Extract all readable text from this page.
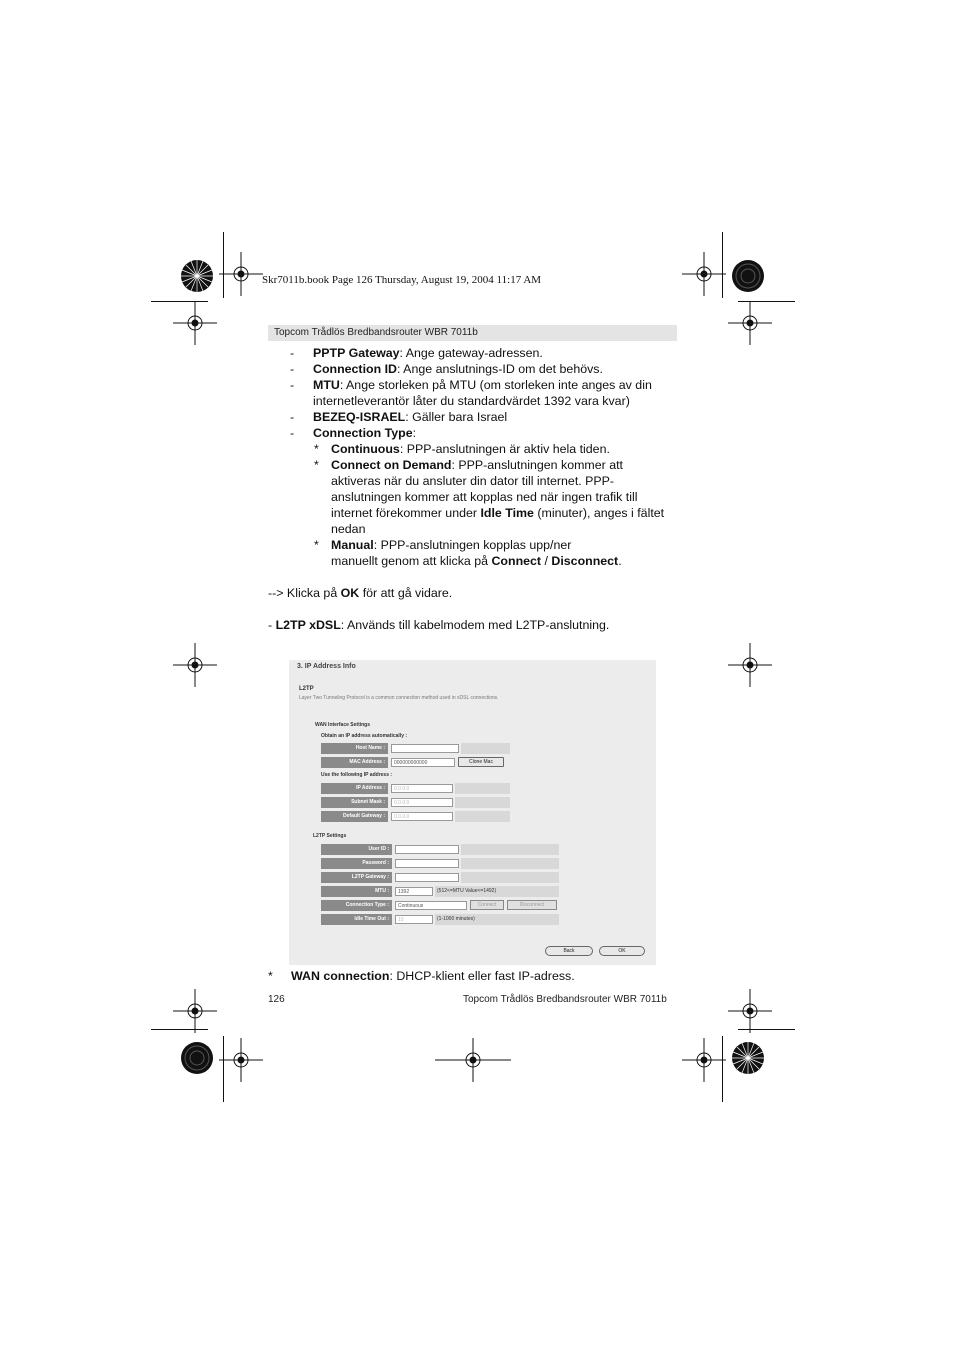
Skr7011b.book Page 126 Thursday, August 19, 2004 11:17 AM
Topcom Trådlös Bredbandsrouter WBR 7011b
- PPTP Gateway: Ange gateway-adressen.
- Connection ID: Ange anslutnings-ID om det behövs.
- MTU: Ange storleken på MTU (om storleken inte anges av din
internetleverantör låter du standardvärdet 1392 vara kvar)
- BEZEQ-ISRAEL: Gäller bara Israel
- Connection Type:
* Continuous: PPP-anslutningen är aktiv hela tiden.
* Connect on Demand: PPP-anslutningen kommer att
aktiveras när du ansluter din dator till internet. PPP-
anslutningen kommer att kopplas ned när ingen trafik till
internet förekommer under Idle Time (minuter), anges i fältet
nedan
* Manual: PPP-anslutningen kopplas upp/ner
manuellt genom att klicka på Connect / Disconnect.
--> Klicka på OK för att gå vidare.
- L2TP xDSL: Används till kabelmodem med L2TP-anslutning.
3. IP Address Info
L2TP
Layer Two Tunneling Protocol is a common connection method used in xDSL connections.
WAN Interface Settings
Obtain an IP address automatically :
Host Name :
MAC Address :	000000000000	Clone Mac
Use the following IP address :
IP Address :	0.0.0.0
Subnet Mask :	0.0.0.0
Default Gateway :	0.0.0.0
L2TP Settings
User ID :
Password :
L2TP Gateway :
MTU :	1392	(512<=MTU Value<=1492)
Connection Type :	Continuous	Connect	Disconnect
Idle Time Out :	10	(1-1000 minutes)
Back	OK
* WAN connection: DHCP-klient eller fast IP-adress.
126	Topcom Trådlös Bredbandsrouter WBR 7011b
